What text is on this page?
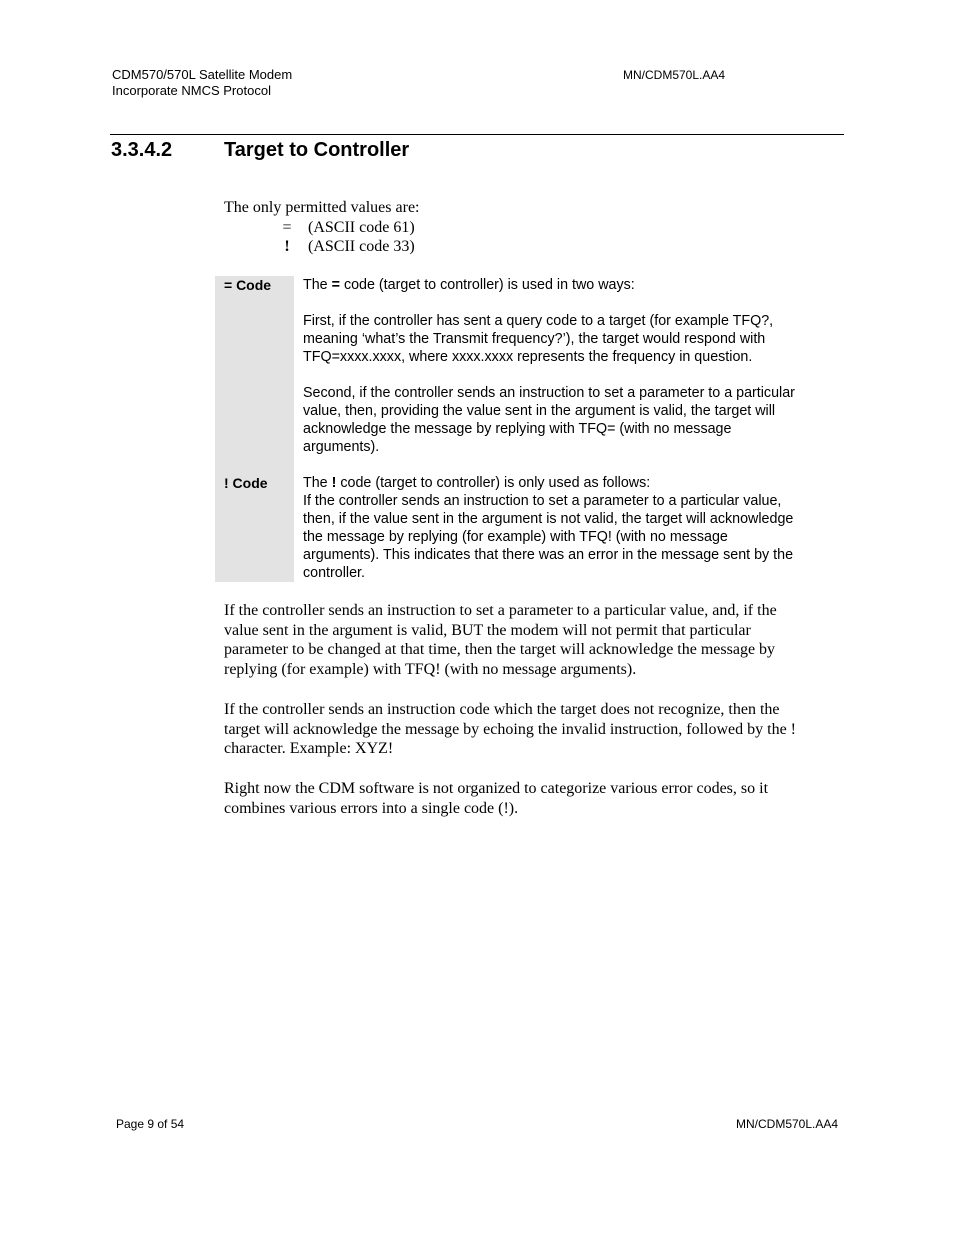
CDM570/570L Satellite Modem
Incorporate NMCS Protocol
MN/CDM570L.AA4
3.3.4.2	Target to Controller
The only permitted values are:
= (ASCII code 61)
! (ASCII code 33)
= Code	The = code (target to controller) is used in two ways:

First, if the controller has sent a query code to a target (for example TFQ?,

meaning ‘what’s the Transmit frequency?’), the target would respond with

TFQ=xxxx.xxxx, where xxxx.xxxx represents the frequency in question.

Second, if the controller sends an instruction to set a parameter to a particular

value, then, providing the value sent in the argument is valid, the target will

acknowledge the message by replying with TFQ= (with no message

arguments).

! Code	The ! code (target to controller) is only used as follows:

If the controller sends an instruction to set a parameter to a particular value,

then, if the value sent in the argument is not valid, the target will acknowledge

the message by replying (for example) with TFQ! (with no message

arguments). This indicates that there was an error in the message sent by the

controller.

If the controller sends an instruction to set a parameter to a particular value, and, if the

value sent in the argument is valid, BUT the modem will not permit that particular

parameter to be changed at that time, then the target will acknowledge the message by

replying (for example) with TFQ! (with no message arguments).

If the controller sends an instruction code which the target does not recognize, then the

target will acknowledge the message by echoing the invalid instruction, followed by the !

character. Example: XYZ!

Right now the CDM software is not organized to categorize various error codes, so it

combines various errors into a single code (!).

Page 9 of 54	MN/CDM570L.AA4
